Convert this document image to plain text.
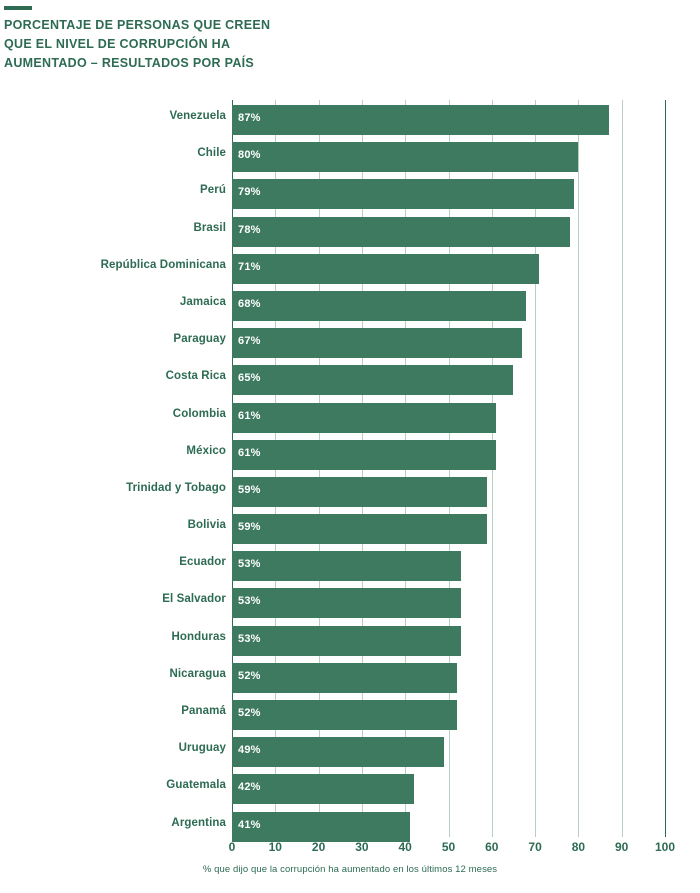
PORCENTAJE DE PERSONAS QUE CREEN
QUE EL NIVEL DE CORRUPCIÓN HA
AUMENTADO – RESULTADOS POR PAÍS
Venezuela 87%
Chile 80%
Perú 79%
Brasil 78%
República Dominicana 71%
Jamaica 68%
Paraguay 67%
Costa Rica 65%
Colombia 61%
México 61%
Trinidad y Tobago 59%
Bolivia 59%
Ecuador 53%
El Salvador 53%
Honduras 53%
Nicaragua 52%
Panamá 52%
Uruguay 49%
Guatemala 42%
Argentina 41%
0	10 20 30 40 50 60 70 80 90 100
% que dijo que la corrupción ha aumentado en los últimos 12 meses
